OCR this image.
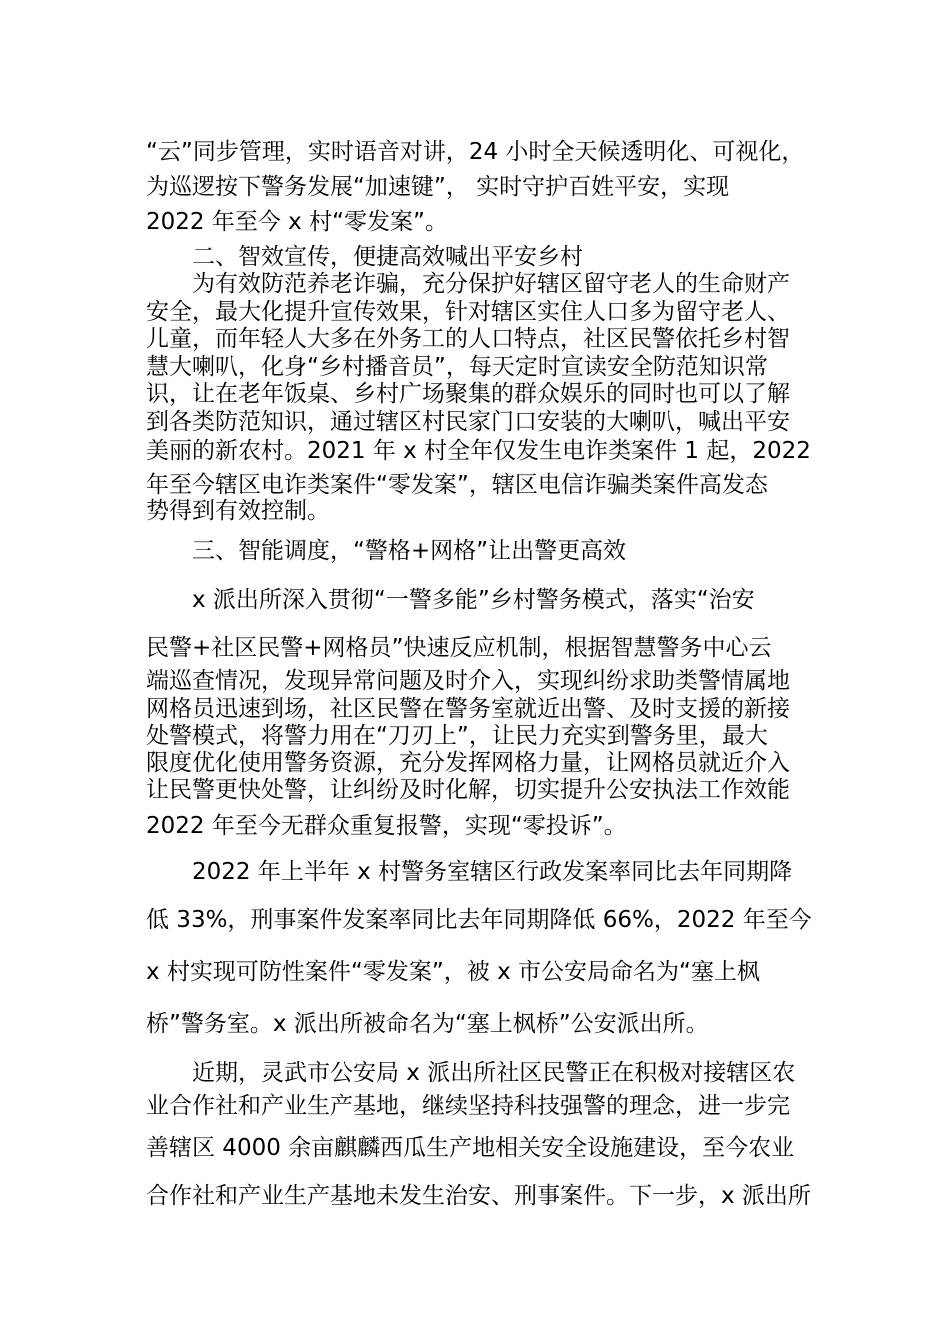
“云”同步管理，实时语音对讲，24 小时全天候透明化、可视化，
为巡逻按下警务发展“加速键”， 实时守护百姓平安，实现
2022 年至今 x 村“零发案”。
二、智效宣传，便捷高效喊出平安乡村
为有效防范养老诈骗，充分保护好辖区留守老人的生命财产
安全，最大化提升宣传效果，针对辖区实住人口多为留守老人、
儿童，而年轻人大多在外务工的人口特点，社区民警依托乡村智
慧大喇叭，化身“乡村播音员”，每天定时宣读安全防范知识常
识，让在老年饭桌、乡村广场聚集的群众娱乐的同时也可以了解
到各类防范知识，通过辖区村民家门口安装的大喇叭，喊出平安
美丽的新农村。2021 年 x 村全年仅发生电诈类案件 1 起，2022
年至今辖区电诈类案件“零发案”，辖区电信诈骗类案件高发态
势得到有效控制。
三、智能调度，“警格+网格”让出警更高效
x 派出所深入贯彻“一警多能”乡村警务模式，落实“治安
民警+社区民警+网格员”快速反应机制，根据智慧警务中心云
端巡查情况，发现异常问题及时介入，实现纠纷求助类警情属地
网格员迅速到场，社区民警在警务室就近出警、及时支援的新接
处警模式，将警力用在“刀刃上”，让民力充实到警务里，最大
限度优化使用警务资源，充分发挥网格力量，让网格员就近介入
让民警更快处警，让纠纷及时化解，切实提升公安执法工作效能
2022 年至今无群众重复报警，实现“零投诉”。
2022 年上半年 x 村警务室辖区行政发案率同比去年同期降
低 33%，刑事案件发案率同比去年同期降低 66%，2022 年至今
x 村实现可防性案件“零发案”，被 x 市公安局命名为“塞上枫
桥”警务室。x 派出所被命名为“塞上枫桥”公安派出所。
近期，灵武市公安局 x 派出所社区民警正在积极对接辖区农
业合作社和产业生产基地，继续坚持科技强警的理念，进一步完
善辖区 4000 余亩麒麟西瓜生产地相关安全设施建设，至今农业
合作社和产业生产基地未发生治安、刑事案件。下一步，x 派出所
